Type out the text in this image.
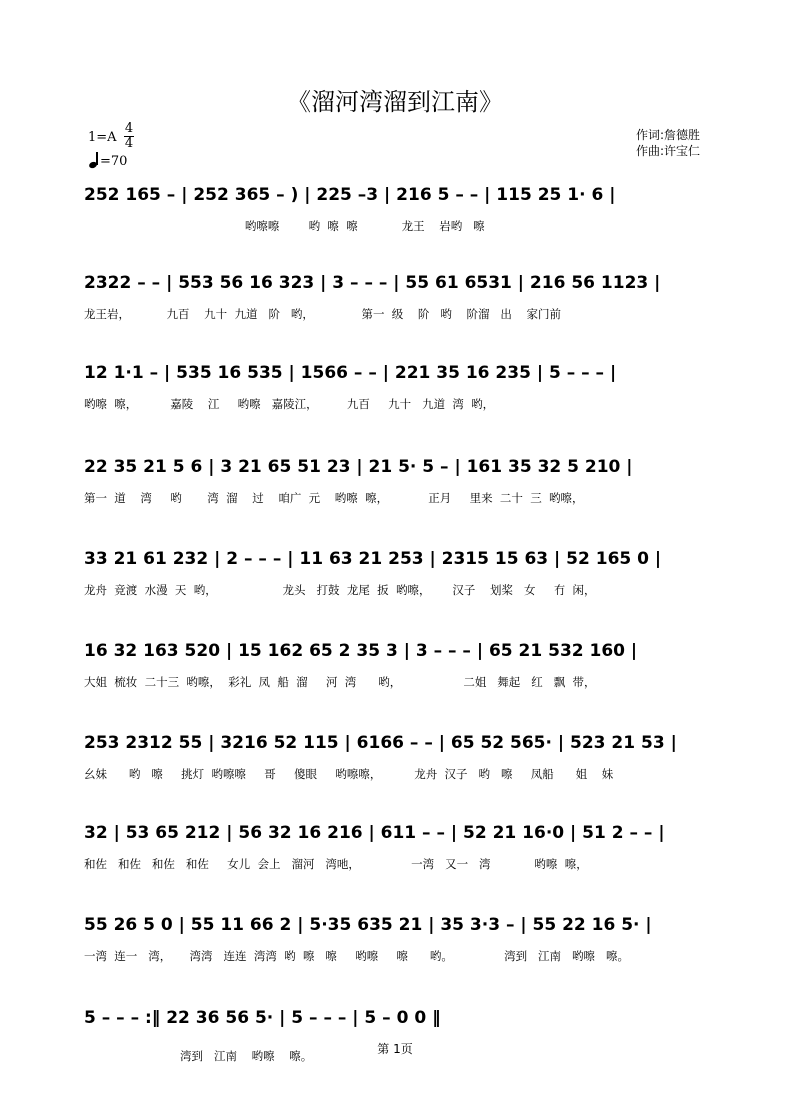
《溜河湾溜到江南》
1=A
4
4
=70
作词:詹德胜
作曲:许宝仁
252 165 – | 252 365 – ) | 225 –3 | 216 5 – – | 115 25 1· 6 |
哟嚓嚓        哟  嚓  嚓            龙王    岩哟   嚓
2322 – – | 553 56 16 323 | 3 – – – | 55 61 6531 | 216 56 1123 |
龙王岩，          九百    九十  九道   阶   哟，             第一  级    阶   哟    阶溜   出    家门前
12 1·1 – | 535 16 535 | 1566 – – | 221 35 16 235 | 5 – – – |
哟嚓  嚓，         嘉陵    江     哟嚓   嘉陵江，        九百     九十   九道  湾  哟，
22 35 21 5 6 | 3 21 65 51 23 | 21 5· 5 – | 161 35 32 5 210 |
第一  道    湾     哟       湾  溜    过    咱广  元    哟嚓  嚓，           正月     里来  二十  三  哟嚓，
33 21 61 232 | 2 – – – | 11 63 21 253 | 2315 15 63 | 52 165 0 |
龙舟  竞渡  水漫  天  哟，                  龙头   打鼓  龙尾  扳  哟嚓，      汉子    划桨   女     冇  闲，
16 32 163 520 | 15 162 65 2 35 3 | 3 – – – | 65 21 532 160 |
大姐  梳妆  二十三  哟嚓，  彩礼  凤  船  溜     河  湾      哟，                 二姐   舞起   红   飘  带，
253 2312 55 | 3216 52 115 | 6166 – – | 65 52 565· | 523 21 53 |
幺妹      哟   嚓     挑灯  哟嚓嚓     哥     傻眼     哟嚓嚓，         龙舟  汉子   哟   嚓     凤船      姐    妹
32 | 53 65 212 | 56 32 16 216 | 611 – – | 52 21 16·0 | 51 2 – – |
和佐   和佐   和佐   和佐     女儿  会上   溜河   湾吔，              一湾   又一   湾            哟嚓  嚓，
55 26 5 0 | 55 11 66 2 | 5·35 635 21 | 35 3·3 – | 55 22 16 5· |
一湾  连一   湾，     湾湾   连连  湾湾  哟  嚓   嚓     哟嚓     嚓      哟。              湾到   江南   哟嚓   嚓。
5 – – – :‖ 22 36 56 5· | 5 – – – | 5 – 0 0 ‖
湾到   江南    哟嚓    嚓。	第 1页
